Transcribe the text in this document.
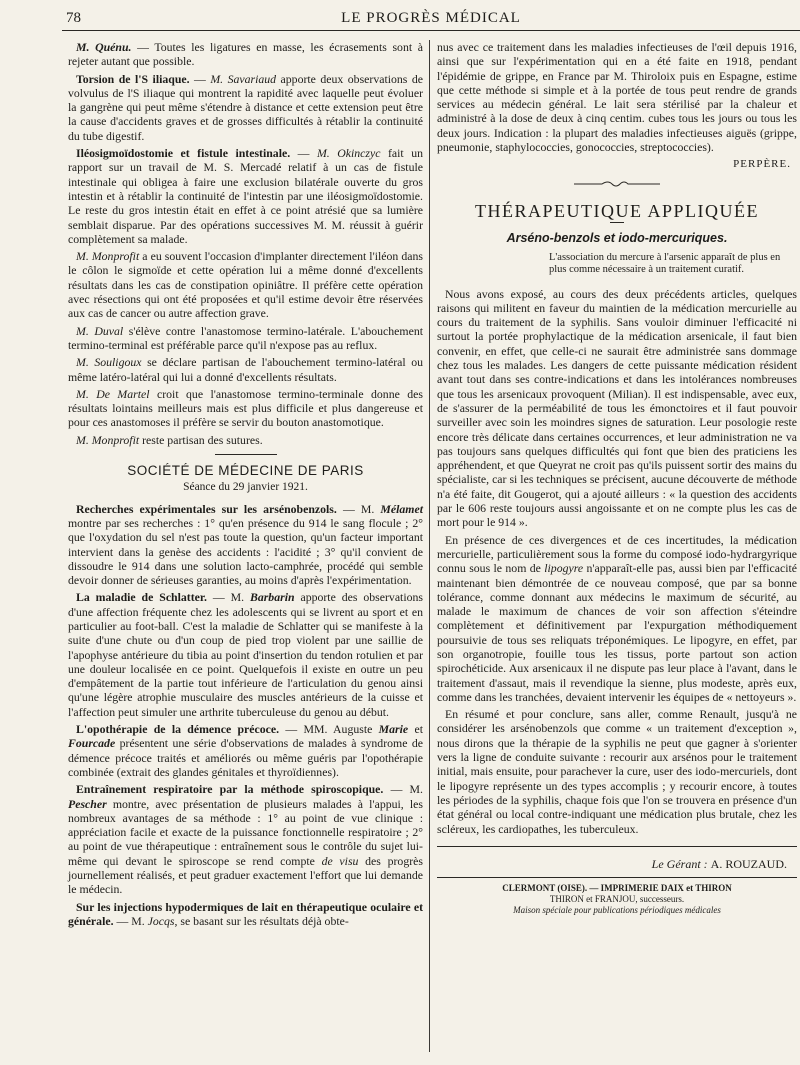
78	LE PROGRÈS MÉDICAL

M. Quénu. — Toutes les ligatures en masse, les écrasements sont à rejeter autant que possible.

Torsion de l'S iliaque. — M. Savariaud apporte deux observations de volvulus de l'S iliaque qui montrent la rapidité avec laquelle peut évoluer la gangrène qui peut même s'étendre à distance et cette extension peut être la cause d'accidents graves et de grosses difficultés à rétablir la continuité du tube digestif.

Iléosigmoïdostomie et fistule intestinale. — M. Okinczyc fait un rapport sur un travail de M. S. Mercadé relatif à un cas de fistule intestinale qui obligea à faire une exclusion bilatérale ouverte du gros intestin et à rétablir la continuité de l'intestin par une iléosigmoïdostomie. Le reste du gros intestin était en effet à ce point atrésié que sa lumière semblait disparue. Par des opérations successives M. M. réussit à guérir complètement sa malade.

M. Monprofit a eu souvent l'occasion d'implanter directement l'iléon dans le côlon le sigmoïde et cette opération lui a même donné d'excellents résultats dans les cas de constipation opiniâtre. Il préfère cette opération avec résections qui ont été proposées et qu'il estime devoir être réservées aux cas de cancer ou autre affection grave.

M. Duval s'élève contre l'anastomose termino-latérale. L'abouchement termino-terminal est préférable parce qu'il n'expose pas au reflux.

M. Souligoux se déclare partisan de l'abouchement termino-latéral ou même latéro-latéral qui lui a donné d'excellents résultats.

M. De Martel croit que l'anastomose termino-terminale donne des résultats lointains meilleurs mais est plus difficile et plus dangereuse et pour ces anastomoses il préfère se servir du bouton anastomotique.

M. Monprofit reste partisan des sutures.

SOCIÉTÉ DE MÉDECINE DE PARIS
Séance du 29 janvier 1921.

Recherches expérimentales sur les arsénobenzols. — M. Mélamet montre par ses recherches : 1° qu'en présence du 914 le sang flocule ; 2° que l'oxydation du sel n'est pas toute la question, qu'un facteur important intervient dans la genèse des accidents : l'acidité ; 3° qu'il convient de dissoudre le 914 dans une solution lacto-camphrée, procédé qui semble devoir donner de sérieuses garanties, au moins d'après l'expérimentation.

La maladie de Schlatter. — M. Barbarin apporte des observations d'une affection fréquente chez les adolescents qui se livrent au sport et en particulier au foot-ball. C'est la maladie de Schlatter qui se manifeste à la suite d'une chute ou d'un coup de pied trop violent par une saillie de l'apophyse antérieure du tibia au point d'insertion du tendon rotulien et par une douleur localisée en ce point. Quelquefois il existe en outre un peu d'empâtement de la partie tout inférieure de l'articulation du genou ainsi qu'une légère atrophie musculaire des muscles antérieurs de la cuisse et l'affection peut simuler une arthrite tuberculeuse du genou au début.

L'opothérapie de la démence précoce. — MM. Auguste Marie et Fourcade présentent une série d'observations de malades à syndrome de démence précoce traités et améliorés ou même guéris par l'opothérapie combinée (extrait des glandes génitales et thyroïdiennes).

Entraînement respiratoire par la méthode spiroscopique. — M. Pescher montre, avec présentation de plusieurs malades à l'appui, les nombreux avantages de sa méthode : 1° au point de vue clinique : appréciation facile et exacte de la puissance fonctionnelle respiratoire ; 2° au point de vue thérapeutique : entraînement sous le contrôle du sujet lui-même qui devant le spiroscope se rend compte de visu des progrès journellement réalisés, et peut graduer exactement l'effort que lui demande le médecin.

Sur les injections hypodermiques de lait en thérapeutique oculaire et générale. — M. Jocqs, se basant sur les résultats déjà obte-

nus avec ce traitement dans les maladies infectieuses de l'œil depuis 1916, ainsi que sur l'expérimentation qui en a été faite en 1918, pendant l'épidémie de grippe, en France par M. Thiroloix puis en Espagne, estime que cette méthode si simple et à la portée de tous peut rendre de grands services au médecin général. Le lait sera stérilisé par la chaleur et administré à la dose de deux à cinq centim. cubes tous les jours ou tous les deux jours. Indication : la plupart des maladies infectieuses aiguës (grippe, pneumonie, staphylococcies, gonococcies, streptococcies).

PERPÈRE.
THÉRAPEUTIQUE APPLIQUÉE
Arséno-benzols et iodo-mercuriques.
L'association du mercure à l'arsenic apparaît de plus en plus comme nécessaire à un traitement curatif.

Nous avons exposé, au cours des deux précédents articles, quelques raisons qui militent en faveur du maintien de la médication mercurielle au cours du traitement de la syphilis. Sans vouloir diminuer l'efficacité ni surtout la portée prophylactique de la médication arsenicale, il faut bien convenir, en effet, que celle-ci ne saurait être administrée sans dommage chez tous les malades. Les dangers de cette puissante médication résident avant tout dans ses contre-indications et dans les intolérances nombreuses que tous les arsenicaux provoquent (Milian). Il est indispensable, avec eux, de s'assurer de la perméabilité de tous les émonctoires et il faut pouvoir surveiller avec soin les moindres signes de saturation. Leur posologie reste encore très délicate dans certaines occurrences, et leur administration ne va pas toujours sans quelques difficultés qui font que bien des praticiens les appréhendent, et que Queyrat ne croit pas qu'ils puissent sortir des mains du spécialiste, car si les techniques se précisent, aucune découverte de méthode n'a été faite, dit Gougerot, qui a ajouté ailleurs : « la question des accidents par le 606 reste toujours aussi angoissante et on ne compte plus les cas de mort pour le 914 ».

En présence de ces divergences et de ces incertitudes, la médication mercurielle, particulièrement sous la forme du composé iodo-hydrargyrique connu sous le nom de lipogyre n'apparaît-elle pas, aussi bien par l'efficacité maintenant bien démontrée de ce nouveau composé, que par sa bonne tolérance, comme donnant aux médecins le maximum de sécurité, au malade le maximum de chances de voir son affection s'éteindre complètement et définitivement par l'expurgation méthodiquement poursuivie de tous ses reliquats tréponémiques. Le lipogyre, en effet, par son organotropie, fouille tous les tissus, porte partout son action spirochéticide. Aux arsenicaux il ne dispute pas leur place à l'avant, dans le traitement d'assaut, mais il revendique la sienne, plus modeste, après eux, comme dans les tranchées, devaient intervenir les équipes de « nettoyeurs ».

En résumé et pour conclure, sans aller, comme Renault, jusqu'à ne considérer les arsénobenzols que comme « un traitement d'exception », nous dirons que la thérapie de la syphilis ne peut que gagner à s'orienter vers la ligne de conduite suivante : recourir aux arsénos pour le traitement initial, mais ensuite, pour parachever la cure, user des iodo-mercuriels, dont le lipogyre représente un des types accomplis ; y recourir encore, à toutes les périodes de la syphilis, chaque fois que l'on se trouvera en présence d'un état général ou local contre-indiquant une médication plus brutale, chez les scléreux, les cardiopathes, les tuberculeux.

Le Gérant : A. ROUZAUD.
CLERMONT (OISE). — IMPRIMERIE DAIX et THIRON
THIRON et FRANJOU, successeurs.
Maison spéciale pour publications périodiques médicales
